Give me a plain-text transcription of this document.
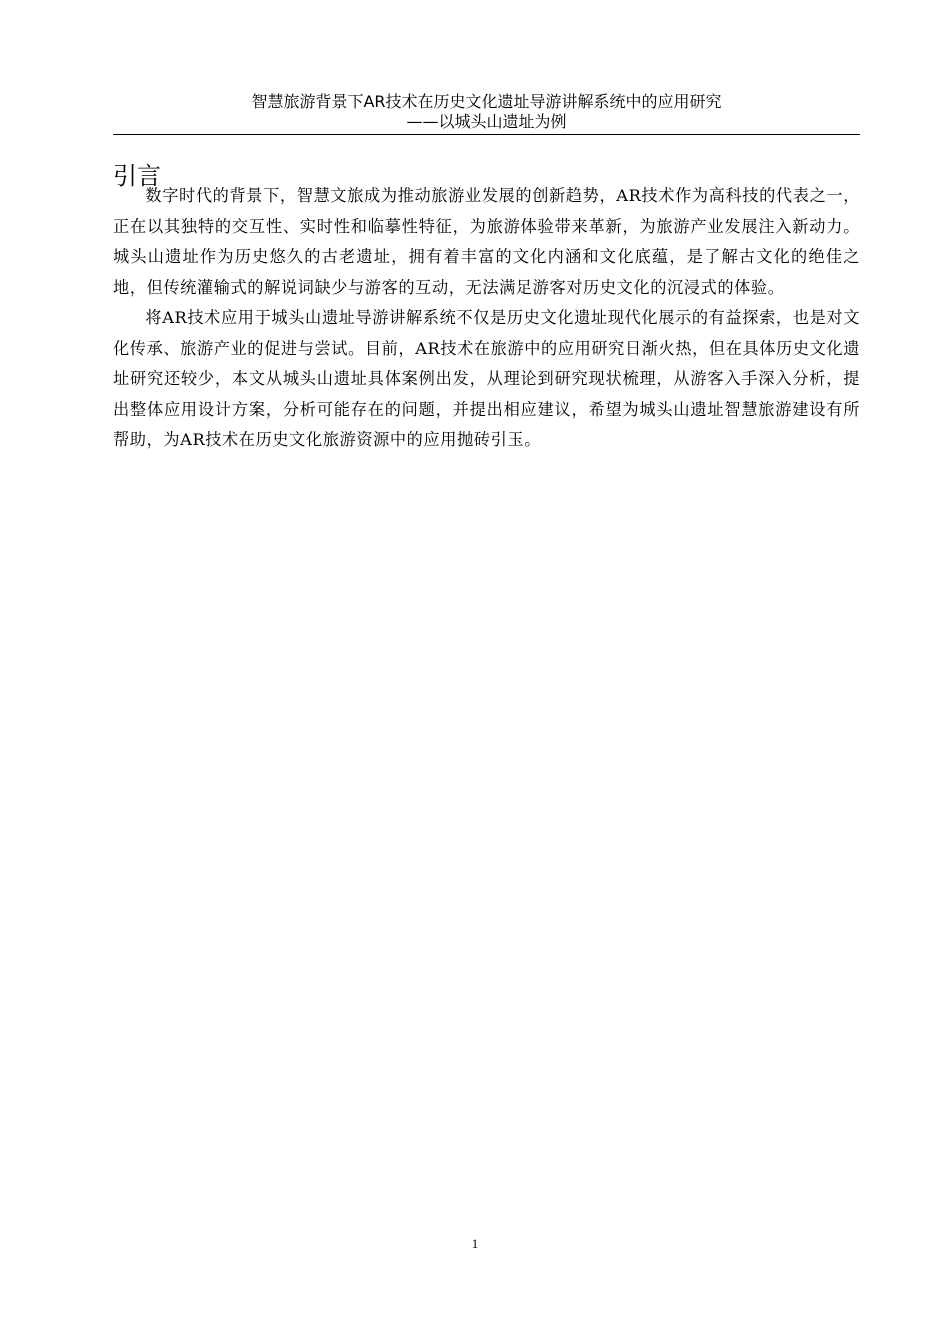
智慧旅游背景下AR技术在历史文化遗址导游讲解系统中的应用研究
——以城头山遗址为例
引言

数字时代的背景下，智慧文旅成为推动旅游业发展的创新趋势，AR技术作为高科技的代表之一，正在以其独特的交互性、实时性和临摹性特征，为旅游体验带来革新，为旅游产业发展注入新动力。城头山遗址作为历史悠久的古老遗址，拥有着丰富的文化内涵和文化底蕴，是了解古文化的绝佳之地，但传统灌输式的解说词缺少与游客的互动，无法满足游客对历史文化的沉浸式的体验。

将AR技术应用于城头山遗址导游讲解系统不仅是历史文化遗址现代化展示的有益探索，也是对文化传承、旅游产业的促进与尝试。目前，AR技术在旅游中的应用研究日渐火热，但在具体历史文化遗址研究还较少，本文从城头山遗址具体案例出发，从理论到研究现状梳理，从游客入手深入分析，提出整体应用设计方案，分析可能存在的问题，并提出相应建议，希望为城头山遗址智慧旅游建设有所帮助，为AR技术在历史文化旅游资源中的应用抛砖引玉。

1
